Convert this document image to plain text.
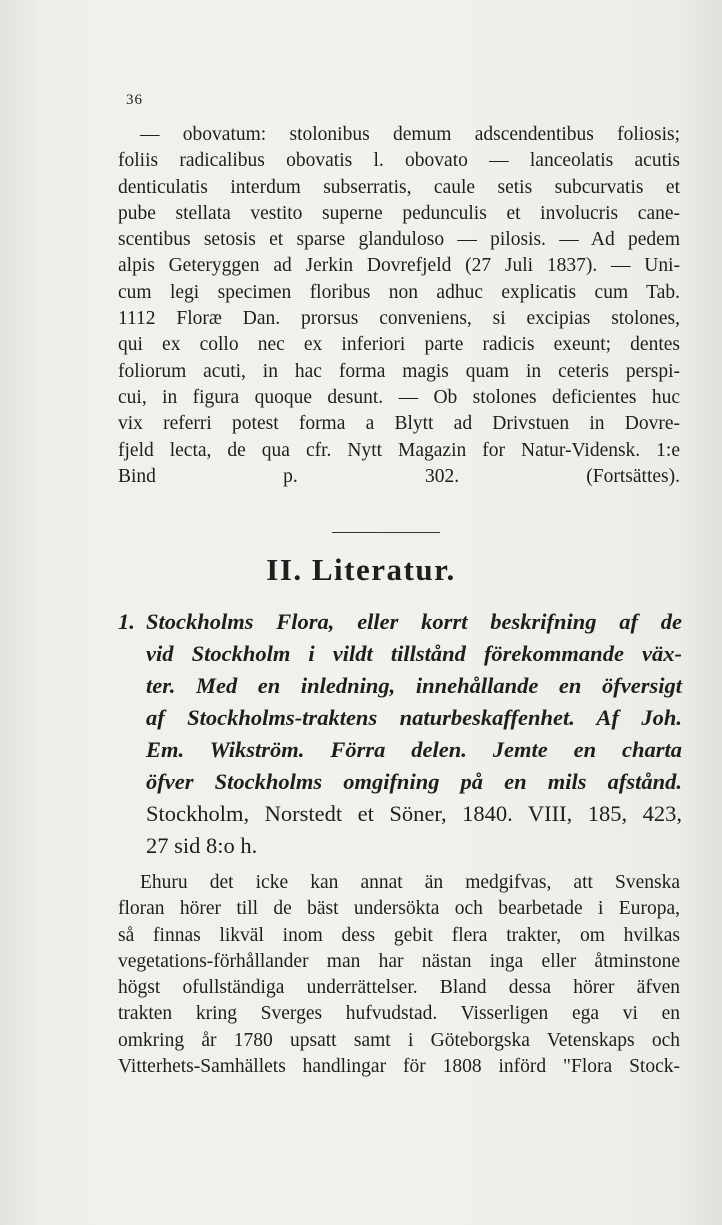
36
— obovatum: stolonibus demum adscendentibus foliosis;
foliis radicalibus obovatis l. obovato — lanceolatis acutis
denticulatis interdum subserratis, caule setis subcurvatis et
pube stellata vestito superne pedunculis et involucris cane-
scentibus setosis et sparse glanduloso — pilosis. — Ad pedem
alpis Geteryggen ad Jerkin Dovrefjeld (27 Juli 1837). — Uni-
cum legi specimen floribus non adhuc explicatis cum Tab.
1112 Floræ Dan. prorsus conveniens, si excipias stolones,
qui ex collo nec ex inferiori parte radicis exeunt; dentes
foliorum acuti, in hac forma magis quam in ceteris perspi-
cui, in figura quoque desunt. — Ob stolones deficientes huc
vix referri potest forma a Blytt ad Drivstuen in Dovre-
fjeld lecta, de qua cfr. Nytt Magazin for Natur-Vidensk. 1:e
Bind p. 302. (Fortsättes).
II. Literatur.
1. Stockholms Flora, eller korrt beskrifning af de
vid Stockholm i vildt tillstånd förekommande väx-
ter. Med en inledning, innehållande en öfversigt
af Stockholms-traktens naturbeskaffenhet. Af Joh.
Em. Wikström. Förra delen. Jemte en charta
öfver Stockholms omgifning på en mils afstånd.
Stockholm, Norstedt et Söner, 1840. VIII, 185, 423,
27 sid 8:o h.
Ehuru det icke kan annat än medgifvas, att Svenska
floran hörer till de bäst undersökta och bearbetade i Europa,
så finnas likväl inom dess gebit flera trakter, om hvilkas
vegetations-förhållander man har nästan inga eller åtminstone
högst ofullständiga underrättelser. Bland dessa hörer äfven
trakten kring Sverges hufvudstad. Visserligen ega vi en
omkring år 1780 upsatt samt i Göteborgska Vetenskaps och
Vitterhets-Samhällets handlingar för 1808 införd "Flora Stock-
